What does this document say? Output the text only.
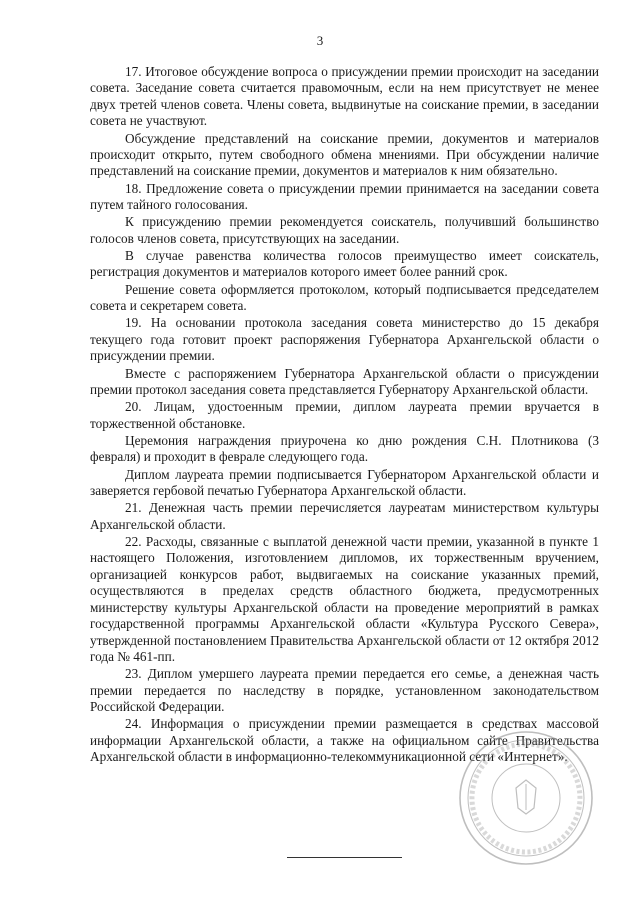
3

17. Итоговое обсуждение вопроса о присуждении премии происходит на заседании совета. Заседание совета считается правомочным, если на нем присутствует не менее двух третей членов совета. Члены совета, выдвинутые на соискание премии, в заседании совета не участвуют.

Обсуждение представлений на соискание премии, документов и материалов происходит открыто, путем свободного обмена мнениями. При обсуждении наличие представлений на соискание премии, документов и материалов к ним обязательно.

18. Предложение совета о присуждении премии принимается на заседании совета путем тайного голосования.

К присуждению премии рекомендуется соискатель, получивший большинство голосов членов совета, присутствующих на заседании.

В случае равенства количества голосов преимущество имеет соискатель, регистрация документов и материалов которого имеет более ранний срок.

Решение совета оформляется протоколом, который подписывается председателем совета и секретарем совета.

19. На основании протокола заседания совета министерство до 15 декабря текущего года готовит проект распоряжения Губернатора Архангельской области о присуждении премии.

Вместе с распоряжением Губернатора Архангельской области о присуждении премии протокол заседания совета представляется Губернатору Архангельской области.

20. Лицам, удостоенным премии, диплом лауреата премии вручается в торжественной обстановке.

Церемония награждения приурочена ко дню рождения С.Н. Плотникова (3 февраля) и проходит в феврале следующего года.

Диплом лауреата премии подписывается Губернатором Архангельской области и заверяется гербовой печатью Губернатора Архангельской области.

21. Денежная часть премии перечисляется лауреатам министерством культуры Архангельской области.

22. Расходы, связанные с выплатой денежной части премии, указанной в пункте 1 настоящего Положения, изготовлением дипломов, их торжественным вручением, организацией конкурсов работ, выдвигаемых на соискание указанных премий, осуществляются в пределах средств областного бюджета, предусмотренных министерству культуры Архангельской области на проведение мероприятий в рамках государственной программы Архангельской области «Культура Русского Севера», утвержденной постановлением Правительства Архангельской области от 12 октября 2012 года № 461-пп.

23. Диплом умершего лауреата премии передается его семье, а денежная часть премии передается по наследству в порядке, установленном законодательством Российской Федерации.

24. Информация о присуждении премии размещается в средствах массовой информации Архангельской области, а также на официальном сайте Правительства Архангельской области в информационно-телекоммуникационной сети «Интернет».
